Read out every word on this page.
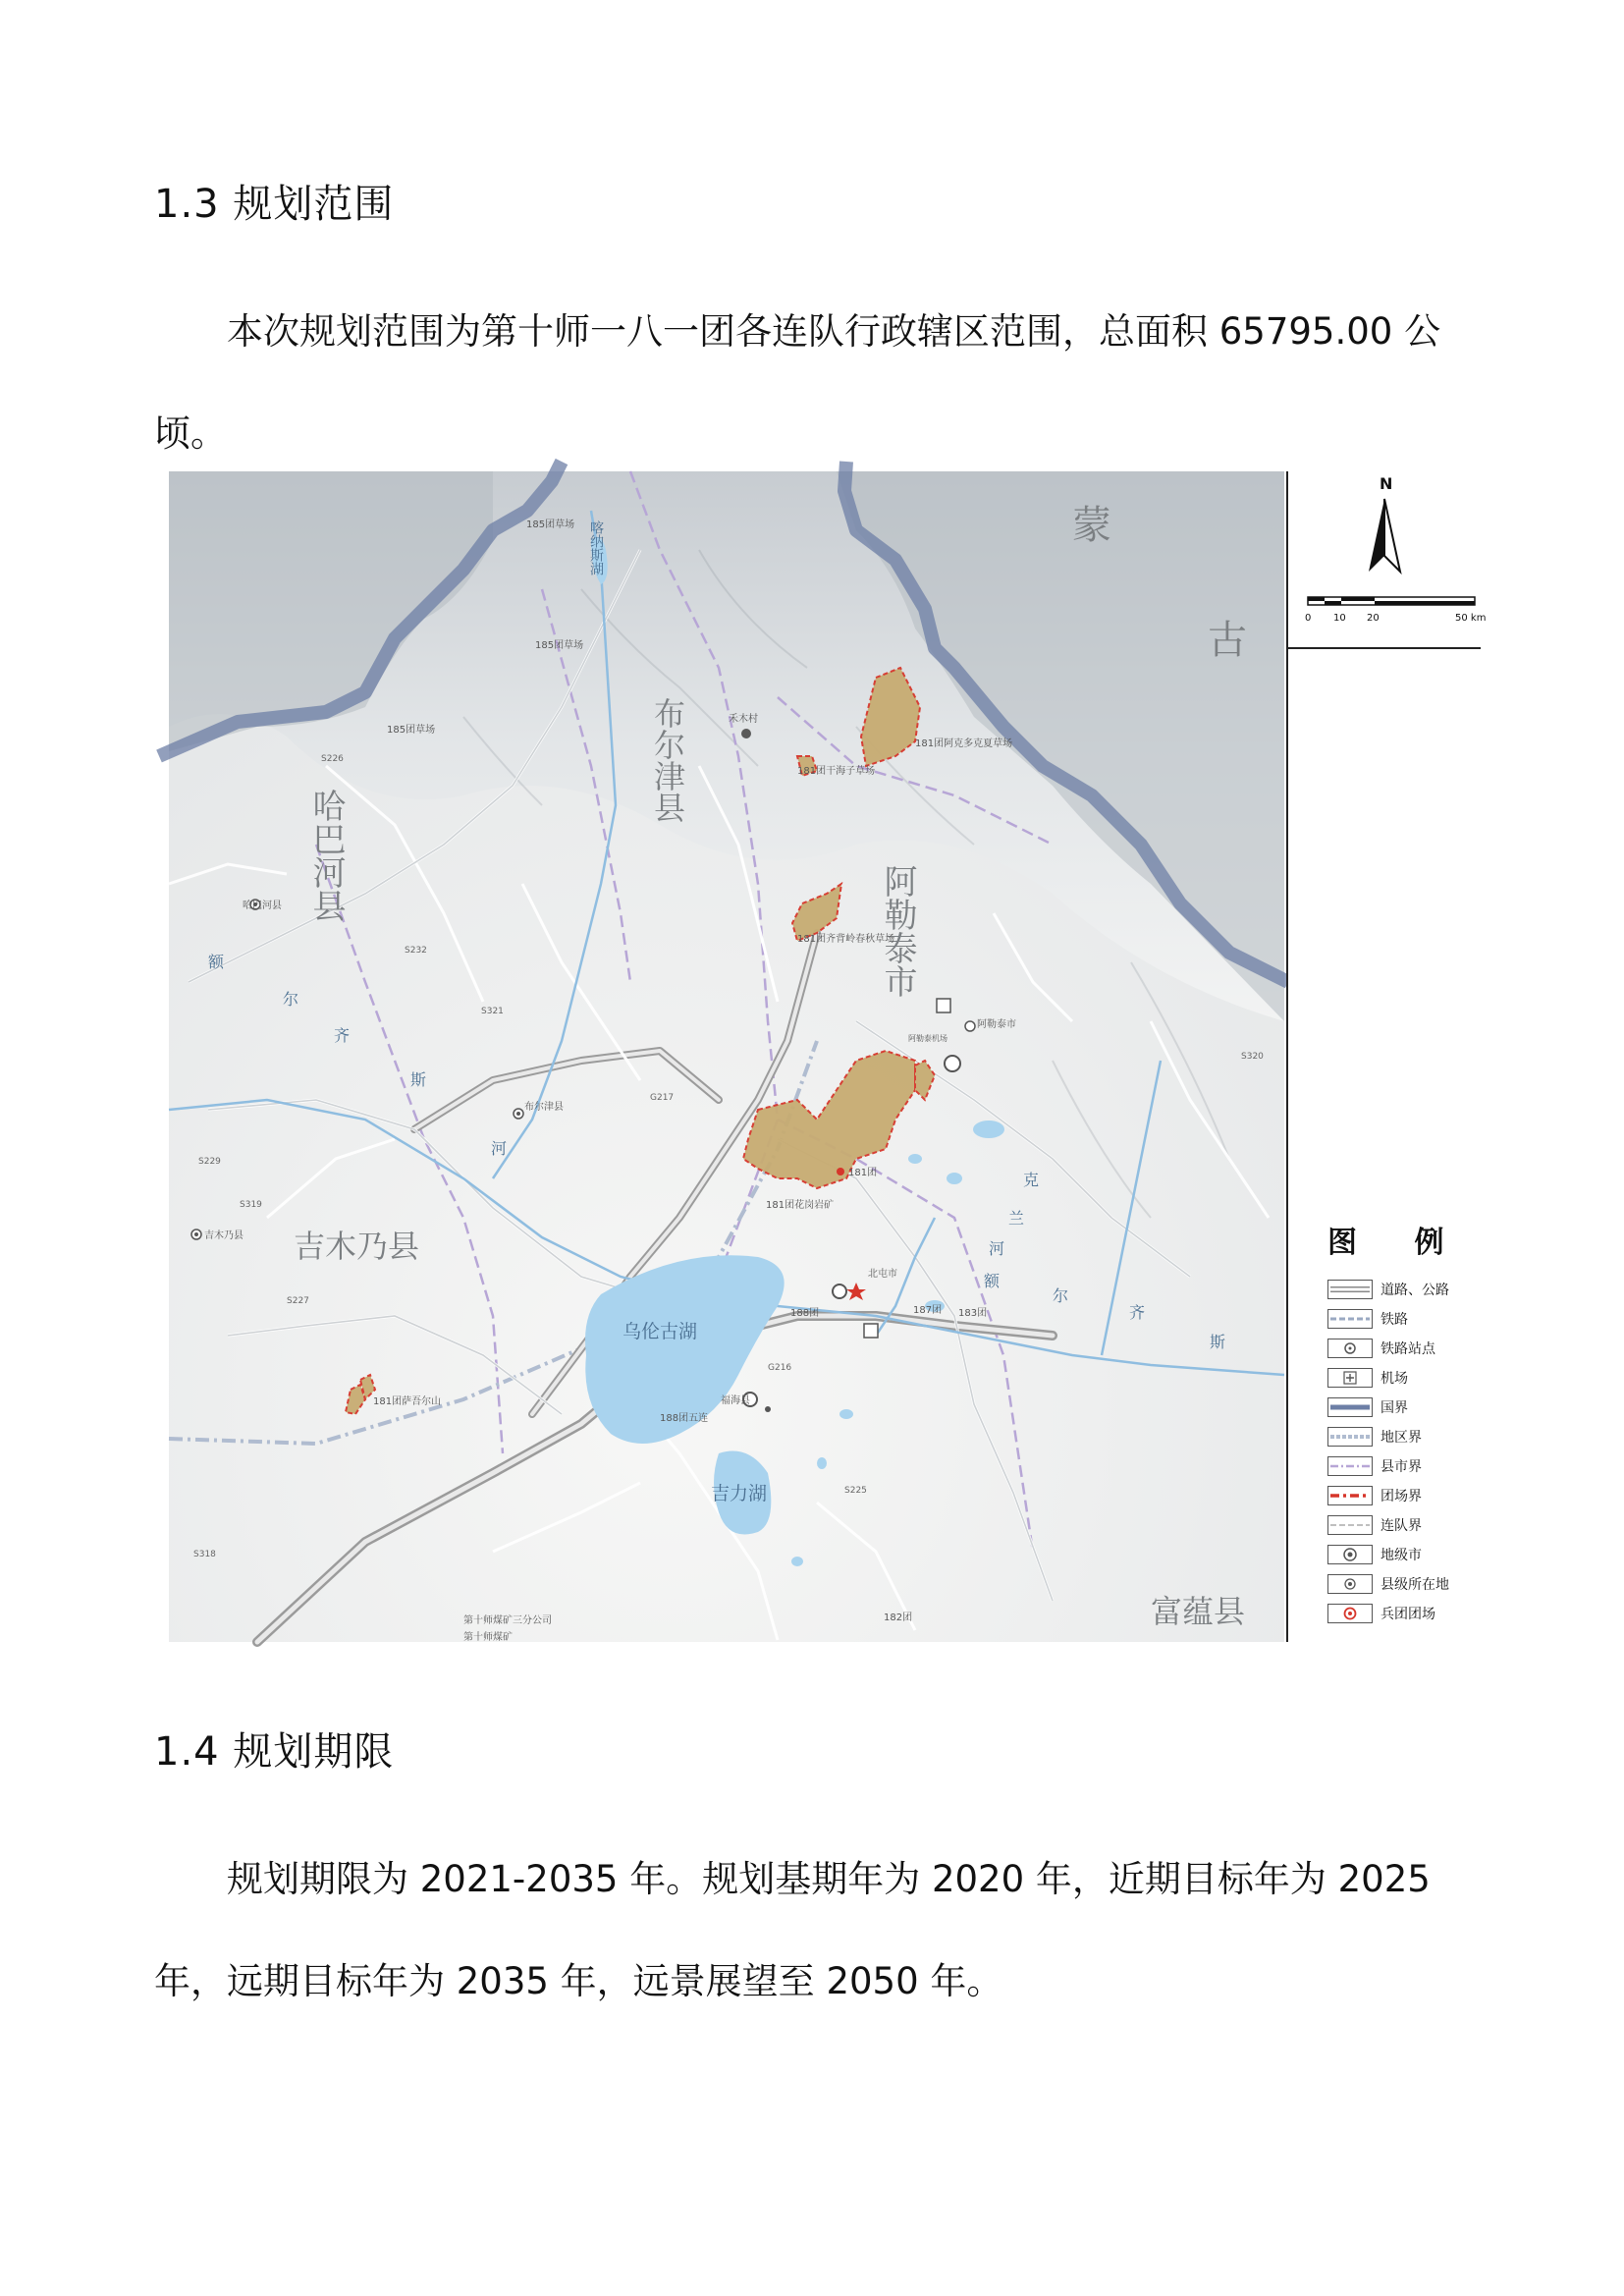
1.3 规划范围

本次规划范围为第十师一八一团各连队行政辖区范围，总面积 65795.00 公顷。

蒙
古
阿勒泰市
布尔津县
哈巴河县
吉木乃县
富蕴县
乌伦古湖
吉力湖
喀纳斯湖
额
尔
齐
斯
河
克
兰
河
额
尔
齐
斯
185团草场
185团草场
185团草场
禾木村
181团阿克多克夏草场
181团干海子草场
181团齐背岭春秋草场
181团花岗岩矿
181团
181团萨吾尔山
哈巴河县
布尔津县
阿勒泰市
阿勒泰机场
吉木乃县
北屯市
187团 183团
188团
188团五连
福海县
182团
第十师煤矿三分公司
第十师煤矿
G217
G216
S229
S227
S232
S318
S319
S320
S321
S226
S225
N
0 10 20	50 km
图 例
道路、公路
铁路
铁路站点
机场
国界
地区界
县市界
团场界
连队界
地级市
县级所在地
兵团团场
1.4 规划期限

规划期限为 2021-2035 年。规划基期年为 2020 年，近期目标年为 2025 年，远期目标年为 2035 年，远景展望至 2050 年。
